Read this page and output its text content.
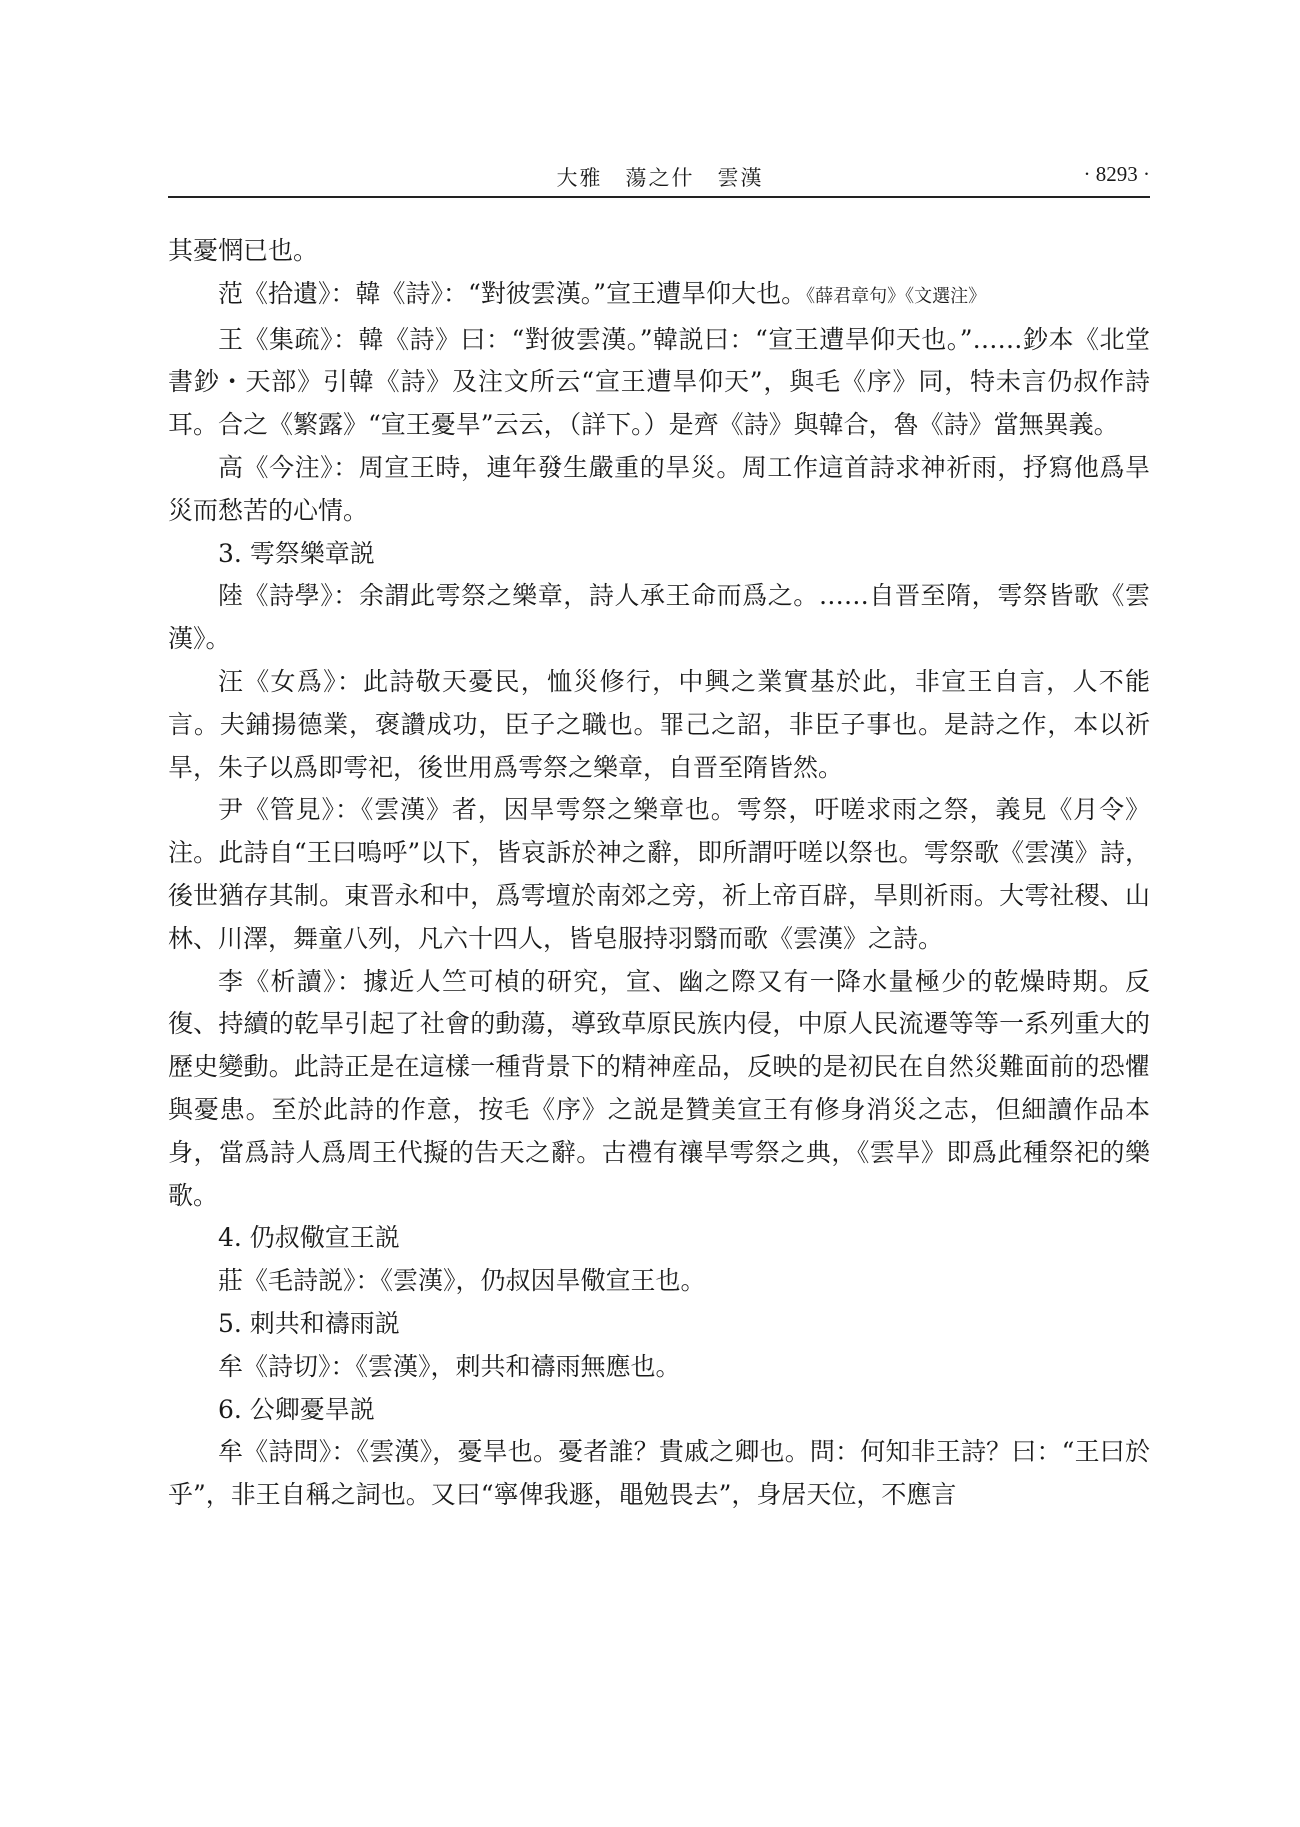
大雅　蕩之什　雲漢	· 8293 ·

其憂惘已也。

范《拾遺》：韓《詩》：“對彼雲漢。”宣王遭旱仰大也。《薛君章句》《文選注》

王《集疏》：韓《詩》曰：“對彼雲漢。”韓説曰：“宣王遭旱仰天也。”……鈔本《北堂書鈔・天部》引韓《詩》及注文所云“宣王遭旱仰天”，與毛《序》同，特未言仍叔作詩耳。合之《繁露》“宣王憂旱”云云，（詳下。）是齊《詩》與韓合，魯《詩》當無異義。

高《今注》：周宣王時，連年發生嚴重的旱災。周工作這首詩求神祈雨，抒寫他爲旱災而愁苦的心情。

3. 雩祭樂章説

陸《詩學》：余謂此雩祭之樂章，詩人承王命而爲之。……自晋至隋，雩祭皆歌《雲漢》。

汪《女爲》：此詩敬天憂民，恤災修行，中興之業實基於此，非宣王自言，人不能言。夫鋪揚德業，褒讚成功，臣子之職也。罪己之詔，非臣子事也。是詩之作，本以祈旱，朱子以爲即雩祀，後世用爲雩祭之樂章，自晋至隋皆然。

尹《管見》：《雲漢》者，因旱雩祭之樂章也。雩祭，吁嗟求雨之祭，義見《月令》注。此詩自“王曰嗚呼”以下，皆哀訴於神之辭，即所謂吁嗟以祭也。雩祭歌《雲漢》詩，後世猶存其制。東晋永和中，爲雩壇於南郊之旁，祈上帝百辟，旱則祈雨。大雩社稷、山林、川澤，舞童八列，凡六十四人，皆皂服持羽翳而歌《雲漢》之詩。

李《析讀》：據近人竺可楨的研究，宣、幽之際又有一降水量極少的乾燥時期。反復、持續的乾旱引起了社會的動蕩，導致草原民族内侵，中原人民流遷等等一系列重大的歷史變動。此詩正是在這樣一種背景下的精神産品，反映的是初民在自然災難面前的恐懼與憂患。至於此詩的作意，按毛《序》之説是贊美宣王有修身消災之志，但細讀作品本身，當爲詩人爲周王代擬的告天之辭。古禮有禳旱雩祭之典，《雲旱》即爲此種祭祀的樂歌。

4. 仍叔儆宣王説

莊《毛詩説》：《雲漢》，仍叔因旱儆宣王也。

5. 刺共和禱雨説

牟《詩切》：《雲漢》，刺共和禱雨無應也。

6. 公卿憂旱説

牟《詩問》：《雲漢》，憂旱也。憂者誰？貴戚之卿也。問：何知非王詩？曰：“王曰於乎”，非王自稱之詞也。又曰“寧俾我遯，黽勉畏去”，身居天位，不應言
